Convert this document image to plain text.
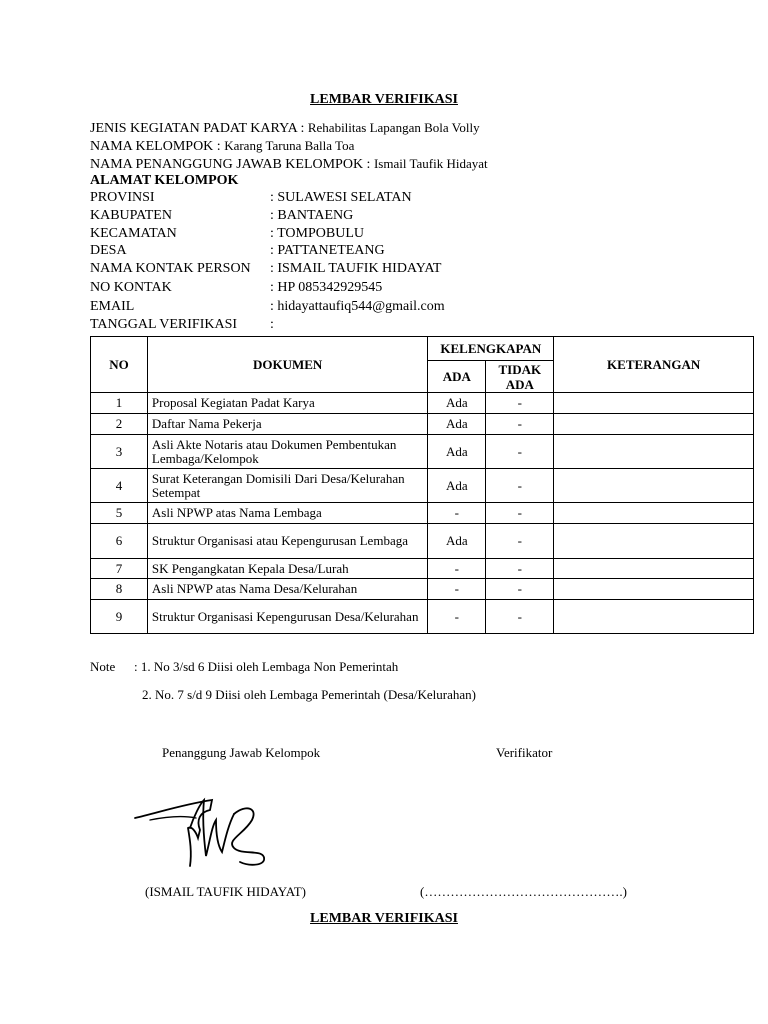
LEMBAR VERIFIKASI
JENIS KEGIATAN PADAT KARYA : Rehabilitas Lapangan Bola Volly
NAMA KELOMPOK : Karang Taruna Balla Toa
NAMA PENANGGUNG JAWAB KELOMPOK : Ismail Taufik Hidayat
ALAMAT KELOMPOK
PROVINSI	: SULAWESI SELATAN
KABUPATEN	: BANTAENG
KECAMATAN	: TOMPOBULU
DESA	: PATTANETEANG
NAMA KONTAK PERSON : ISMAIL TAUFIK HIDAYAT
NO KONTAK	: HP 085342929545
EMAIL	: hidayattaufiq544@gmail.com
TANGGAL VERIFIKASI :
NO	DOKUMEN	KELENGKAPAN		KETERANGAN
		ADA	TIDAK ADA	
1	Proposal Kegiatan Padat Karya	Ada	-	
2	Daftar Nama Pekerja	Ada	-	
3	Asli Akte Notaris atau Dokumen Pembentukan Lembaga/Kelompok	Ada	-	
4	Surat Keterangan Domisili Dari Desa/Kelurahan Setempat	Ada	-	
5	Asli NPWP atas Nama Lembaga	-	-	
6	Struktur Organisasi atau Kepengurusan Lembaga	Ada	-	
7	SK Pengangkatan Kepala Desa/Lurah	-	-	
8	Asli NPWP atas Nama Desa/Kelurahan	-	-	
9	Struktur Organisasi Kepengurusan Desa/Kelurahan	-	-	
Note : 1. No 3/sd 6 Diisi oleh Lembaga Non Pemerintah
2. No. 7 s/d 9 Diisi oleh Lembaga Pemerintah (Desa/Kelurahan)
Penanggung Jawab Kelompok	Verifikator
(ISMAIL TAUFIK HIDAYAT)	(……………………………………….)
LEMBAR VERIFIKASI
